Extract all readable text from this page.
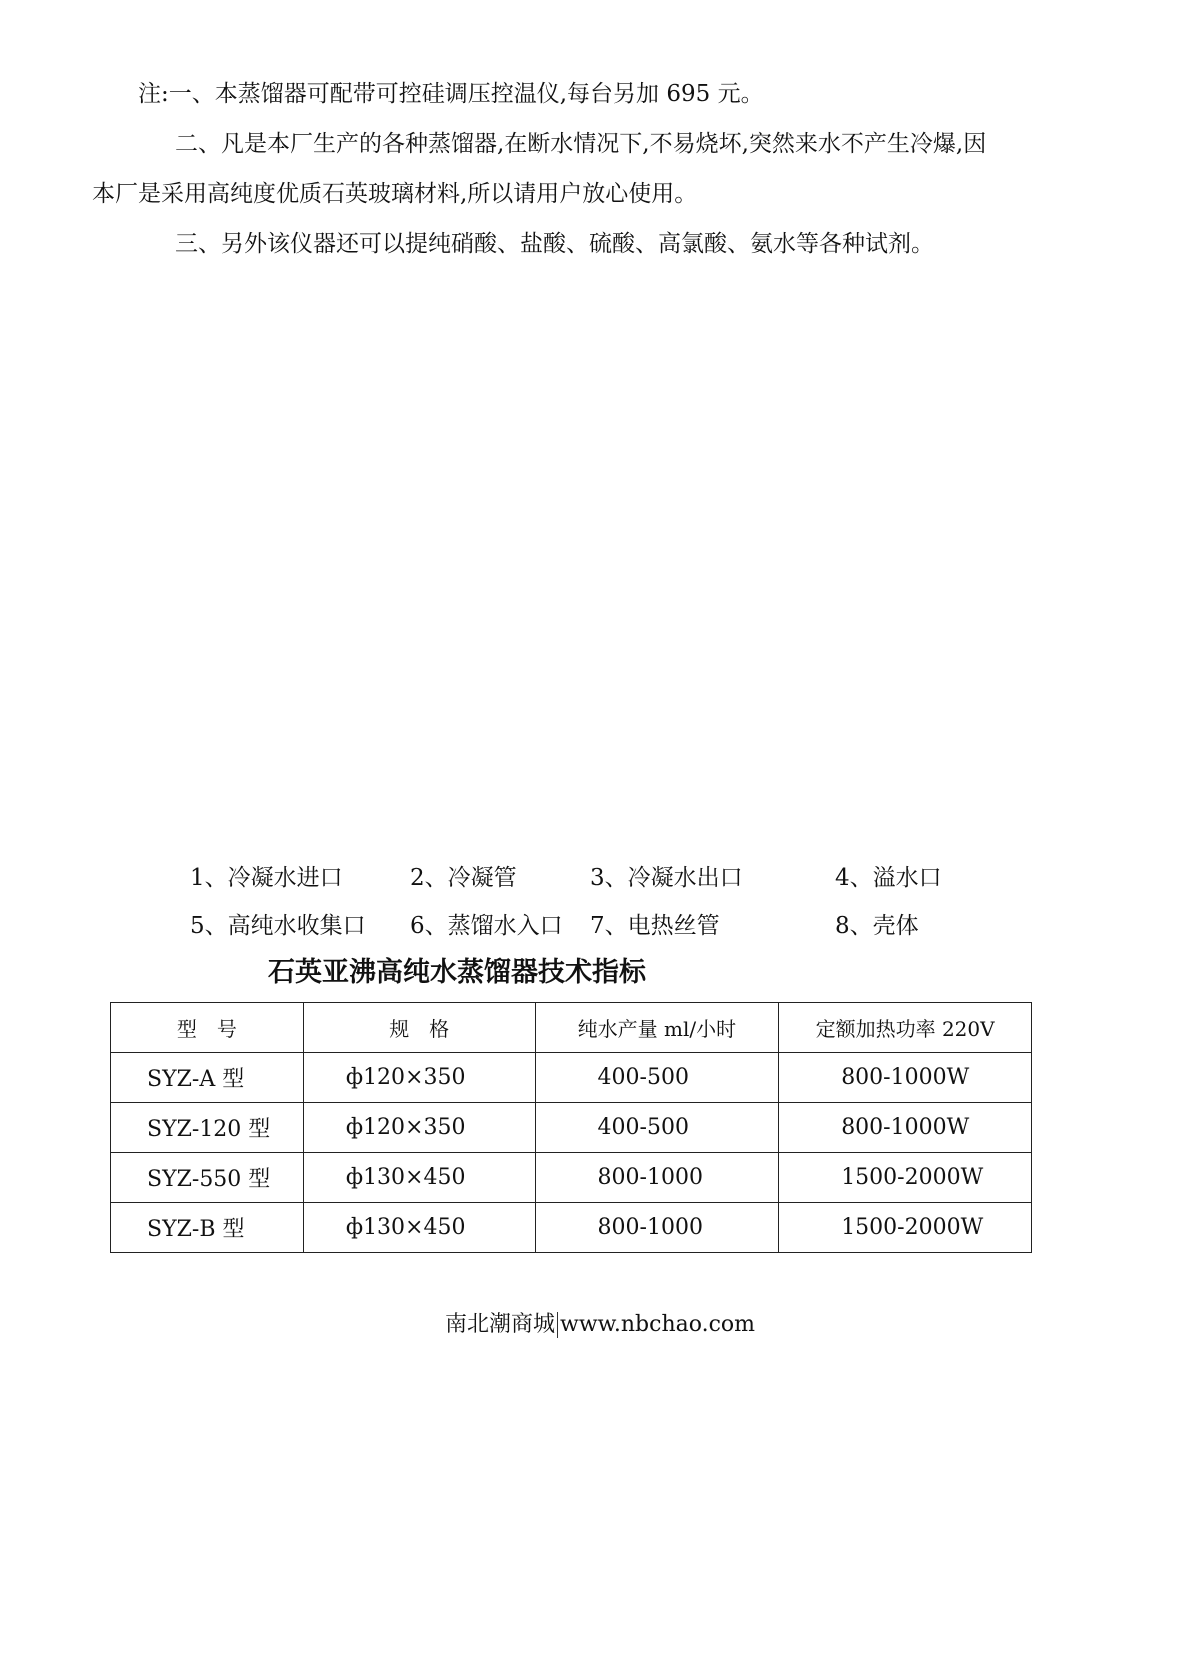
注:一、本蒸馏器可配带可控硅调压控温仪,每台另加 695 元。
二、凡是本厂生产的各种蒸馏器,在断水情况下,不易烧坏,突然来水不产生冷爆,因
本厂是采用高纯度优质石英玻璃材料,所以请用户放心使用。
三、另外该仪器还可以提纯硝酸、盐酸、硫酸、高氯酸、氨水等各种试剂。
1、冷凝水进口	2、冷凝管	3、冷凝水出口	4、溢水口
5、高纯水收集口 6、蒸馏水入口 7、电热丝管	8、壳体
石英亚沸高纯水蒸馏器技术指标
型　号	规　格	纯水产量 ml/小时	定额加热功率 220V
SYZ-A 型	ф120×350	400-500	800-1000W
SYZ-120 型	ф120×350	400-500	800-1000W
SYZ-550 型	ф130×450	800-1000	1500-2000W
SYZ-B 型	ф130×450	800-1000	1500-2000W
南北潮商城 www.nbchao.com
